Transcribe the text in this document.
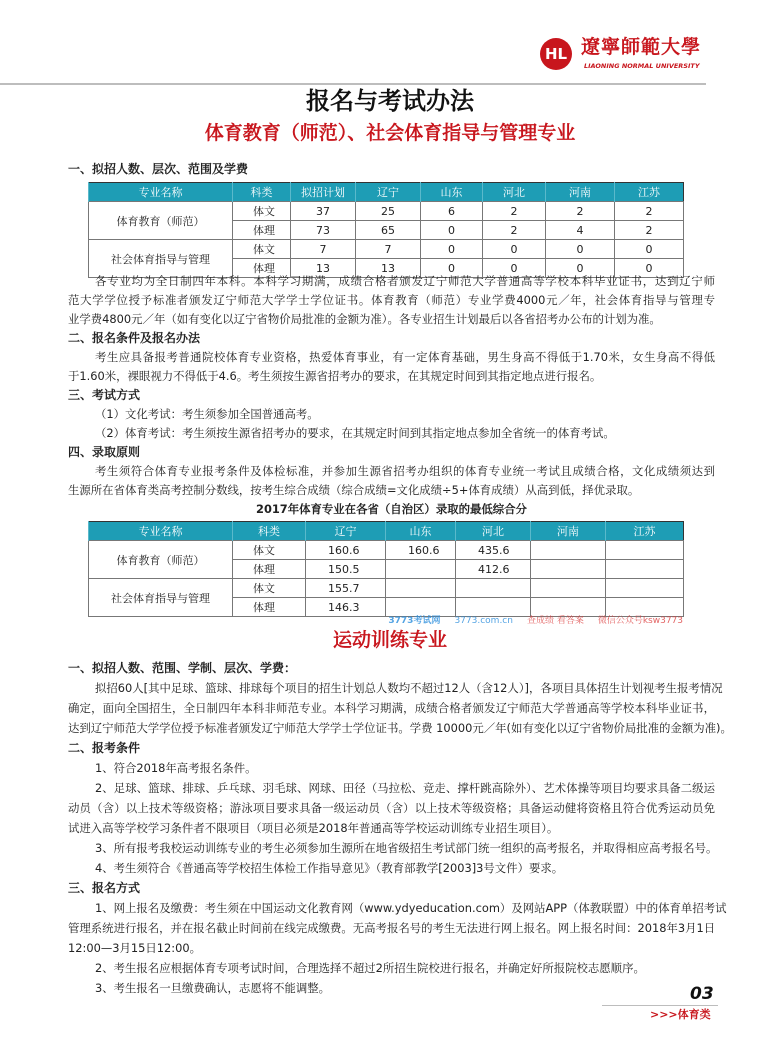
HL 遼寧師範大學
LIAONING NORMAL UNIVERSITY
报名与考试办法
体育教育（师范）、社会体育指导与管理专业
一、拟招人数、层次、范围及学费
专业名称	科类	拟招计划	辽宁	山东	河北	河南	江苏
体育教育（师范）	体文	37	25	6	2	2	2
	体理	73	65	0	2	4	2
社会体育指导与管理	体文	7	7	0	0	0	0
	体理	13	13	0	0	0	0
各专业均为全日制四年本科。本科学习期满，成绩合格者颁发辽宁师范大学普通高等学校本科毕业证书，达到辽宁师
范大学学位授予标准者颁发辽宁师范大学学士学位证书。体育教育（师范）专业学费4000元／年，社会体育指导与管理专
业学费4800元／年（如有变化以辽宁省物价局批准的金额为准）。各专业招生计划最后以各省招考办公布的计划为准。
二、报名条件及报名办法
考生应具备报考普通院校体育专业资格，热爱体育事业，有一定体育基础，男生身高不得低于1.70米，女生身高不得低
于1.60米，裸眼视力不得低于4.6。考生须按生源省招考办的要求，在其规定时间到其指定地点进行报名。
三、考试方式
（1）文化考试：考生须参加全国普通高考。
（2）体育考试：考生须按生源省招考办的要求，在其规定时间到其指定地点参加全省统一的体育考试。
四、录取原则
考生须符合体育专业报考条件及体检标准，并参加生源省招考办组织的体育专业统一考试且成绩合格，文化成绩须达到
生源所在省体育类高考控制分数线，按考生综合成绩（综合成绩=文化成绩÷5+体育成绩）从高到低，择优录取。
2017年体育专业在各省（自治区）录取的最低综合分
专业名称	科类	辽宁	山东	河北	河南	江苏
体育教育（师范）	体文	160.6	160.6	435.6		
	体理	150.5		412.6		
社会体育指导与管理	体文	155.7				
	体理	146.3				
3773考试网 3773.com.cn 查成绩 看答案 微信公众号ksw3773
运动训练专业
一、拟招人数、范围、学制、层次、学费：
拟招60人[其中足球、篮球、排球每个项目的招生计划总人数均不超过12人（含12人）]，各项目具体招生计划视考生报考情况
确定，面向全国招生，全日制四年本科非师范专业。本科学习期满，成绩合格者颁发辽宁师范大学普通高等学校本科毕业证书，
达到辽宁师范大学学位授予标准者颁发辽宁师范大学学士学位证书。学费 10000元／年(如有变化以辽宁省物价局批准的金额为准)。
二、报考条件
1、符合2018年高考报名条件。
2、足球、篮球、排球、乒乓球、羽毛球、网球、田径（马拉松、竞走、撑杆跳高除外）、艺术体操等项目均要求具备二级运
动员（含）以上技术等级资格；游泳项目要求具备一级运动员（含）以上技术等级资格；具备运动健将资格且符合优秀运动员免
试进入高等学校学习条件者不限项目（项目必须是2018年普通高等学校运动训练专业招生项目）。
3、所有报考我校运动训练专业的考生必须参加生源所在地省级招生考试部门统一组织的高考报名，并取得相应高考报名号。
4、考生须符合《普通高等学校招生体检工作指导意见》（教育部教学[2003]3号文件）要求。
三、报名方式
1、网上报名及缴费：考生须在中国运动文化教育网（www.ydyeducation.com）及网站APP（体教联盟）中的体育单招考试
管理系统进行报名，并在报名截止时间前在线完成缴费。无高考报名号的考生无法进行网上报名。网上报名时间：2018年3月1日
12:00—3月15日12:00。
2、考生报名应根据体育专项考试时间，合理选择不超过2所招生院校进行报名，并确定好所报院校志愿顺序。
3、考生报名一旦缴费确认，志愿将不能调整。	03
>>>体育类
